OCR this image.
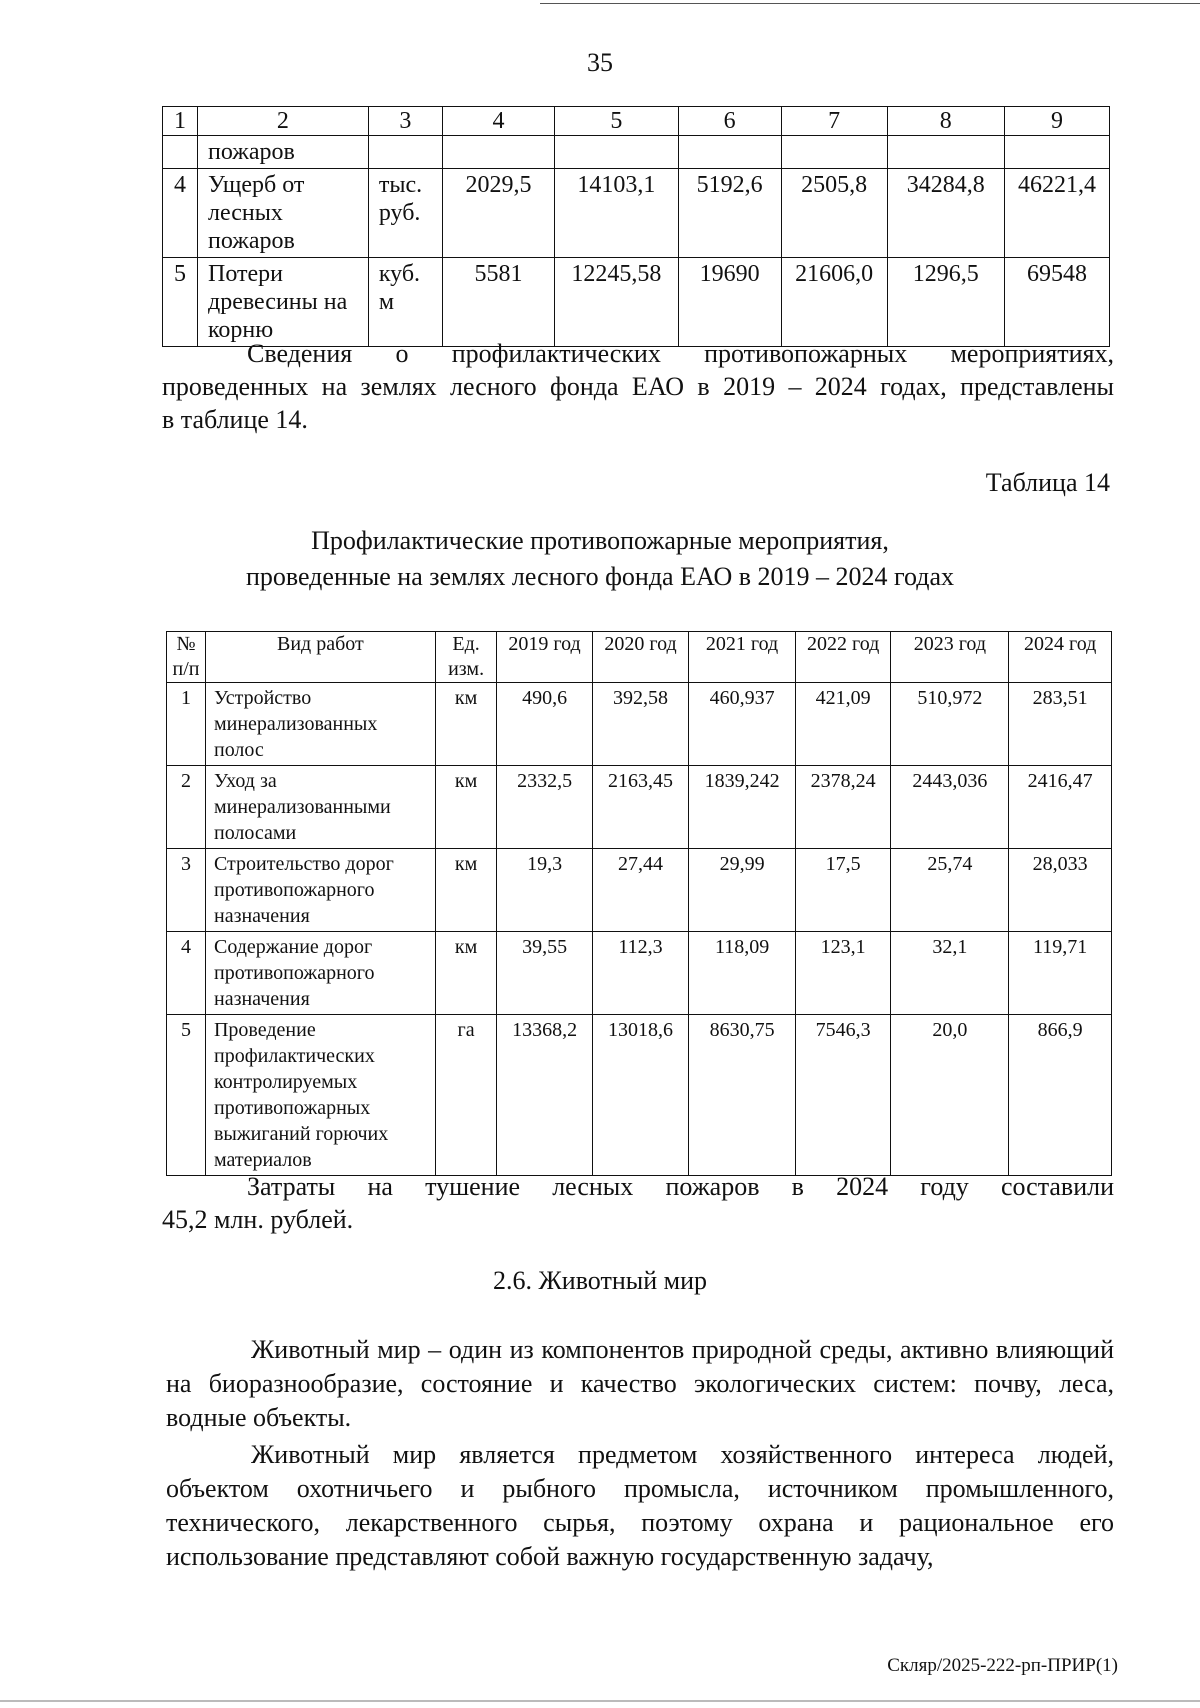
35
1	2	3	4	5	6	7	8	9
	пожаров							
4	Ущерб от лесных пожаров	тыс. руб.	2029,5	14103,1	5192,6	2505,8	34284,8	46221,4
5	Потери древесины на корню	куб. м	5581	12245,58	19690	21606,0	1296,5	69548

Сведения о профилактических противопожарных мероприятиях,

проведенных на землях лесного фонда ЕАО в 2019 – 2024 годах, представлены

в таблице 14.

Таблица 14
Профилактические противопожарные мероприятия,
проведенные на землях лесного фонда ЕАО в 2019 – 2024 годах
№ п/п	Вид работ	Ед. изм.	2019 год	2020 год	2021 год	2022 год	2023 год	2024 год
1	Устройство минерализованных полос	км	490,6	392,58	460,937	421,09	510,972	283,51
2	Уход за минерализованными полосами	км	2332,5	2163,45	1839,242	2378,24	2443,036	2416,47
3	Строительство дорог противопожарного назначения	км	19,3	27,44	29,99	17,5	25,74	28,033
4	Содержание дорог противопожарного назначения	км	39,55	112,3	118,09	123,1	32,1	119,71
5	Проведение профилактических контролируемых противопожарных выжиганий горючих материалов	га	13368,2	13018,6	8630,75	7546,3	20,0	866,9

Затраты на тушение лесных пожаров в 2024 году составили

45,2 млн. рублей.

2.6. Животный мир
Животный мир – один из компонентов природной среды, активно влияющий на биоразнообразие, состояние и качество экологических систем: почву, леса, водные объекты.
Животный мир является предметом хозяйственного интереса людей, объектом охотничьего и рыбного промысла, источником промышленного, технического, лекарственного сырья, поэтому охрана и рациональное его использование представляют собой важную государственную задачу,
Скляр/2025-222-рп-ПРИР(1)
